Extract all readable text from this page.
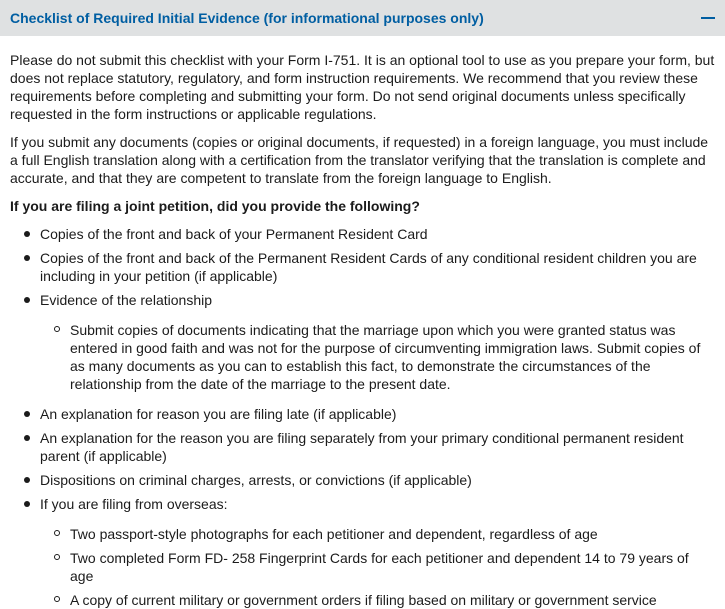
Checklist of Required Initial Evidence (for informational purposes only)

Please do not submit this checklist with your Form I-751. It is an optional tool to use as you prepare your form, but does not replace statutory, regulatory, and form instruction requirements. We recommend that you review these requirements before completing and submitting your form. Do not send original documents unless specifically requested in the form instructions or applicable regulations.

If you submit any documents (copies or original documents, if requested) in a foreign language, you must include a full English translation along with a certification from the translator verifying that the translation is complete and accurate, and that they are competent to translate from the foreign language to English.

If you are filing a joint petition, did you provide the following?

Copies of the front and back of your Permanent Resident Card
Copies of the front and back of the Permanent Resident Cards of any conditional resident children you are including in your petition (if applicable)
Evidence of the relationship
Submit copies of documents indicating that the marriage upon which you were granted status was entered in good faith and was not for the purpose of circumventing immigration laws. Submit copies of as many documents as you can to establish this fact, to demonstrate the circumstances of the relationship from the date of the marriage to the present date.
An explanation for reason you are filing late (if applicable)
An explanation for the reason you are filing separately from your primary conditional permanent resident parent (if applicable)
Dispositions on criminal charges, arrests, or convictions (if applicable)
If you are filing from overseas:
Two passport-style photographs for each petitioner and dependent, regardless of age
Two completed Form FD- 258 Fingerprint Cards for each petitioner and dependent 14 to 79 years of age
A copy of current military or government orders if filing based on military or government service
